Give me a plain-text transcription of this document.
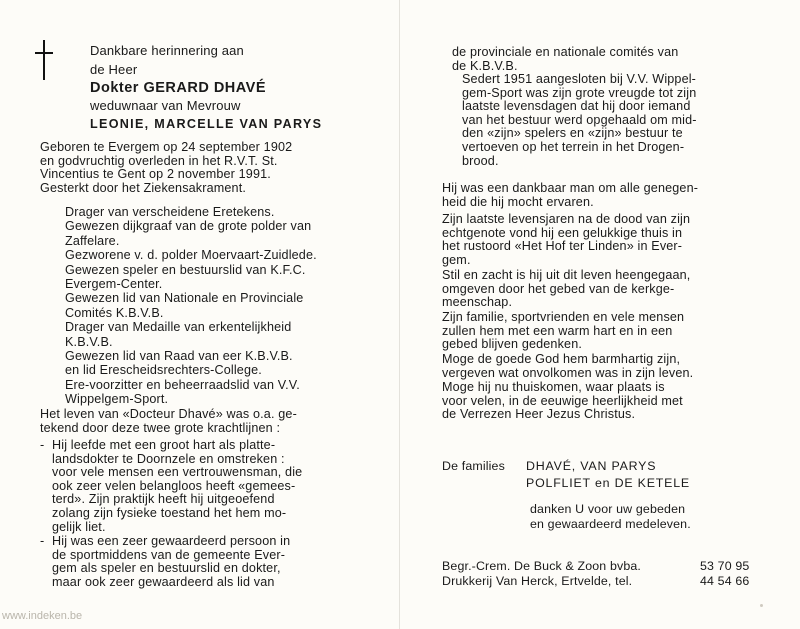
Dankbare herinnering aan
de Heer
Dokter GERARD DHAVÉ
weduwnaar van Mevrouw
LEONIE, MARCELLE VAN PARYS

Geboren te Evergem op 24 september 1902

en godvruchtig overleden in het R.V.T. St.

Vincentius te Gent op 2 november 1991.

Gesterkt door het Ziekensakrament.

Drager van verscheidene Eretekens.

Gewezen dijkgraaf van de grote polder van

Zaffelare.

Gezworene v. d. polder Moervaart-Zuidlede.

Gewezen speler en bestuurslid van K.F.C.

Evergem-Center.

Gewezen lid van Nationale en Provinciale

Comités K.B.V.B.

Drager van Medaille van erkentelijkheid

K.B.V.B.

Gewezen lid van Raad van eer K.B.V.B.

en lid Erescheidsrechters-College.

Ere-voorzitter en beheerraadslid van V.V.

Wippelgem-Sport.

Het leven van «Docteur Dhavé» was o.a. ge-

tekend door deze twee grote krachtlijnen :

- Hij leefde met een groot hart als platte-

landsdokter te Doornzele en omstreken :

voor vele mensen een vertrouwensman, die

ook zeer velen belangloos heeft «gemees-

terd». Zijn praktijk heeft hij uitgeoefend

zolang zijn fysieke toestand het hem mo-

gelijk liet.

- Hij was een zeer gewaardeerd persoon in

de sportmiddens van de gemeente Ever-

gem als speler en bestuurslid en dokter,

maar ook zeer gewaardeerd als lid van

www.indeken.be

de provinciale en nationale comités van

de K.B.V.B.

Sedert 1951 aangesloten bij V.V. Wippel-

gem-Sport was zijn grote vreugde tot zijn

laatste levensdagen dat hij door iemand

van het bestuur werd opgehaald om mid-

den «zijn» spelers en «zijn» bestuur te

vertoeven op het terrein in het Drogen-

brood.

Hij was een dankbaar man om alle genegen-

heid die hij mocht ervaren.

Zijn laatste levensjaren na de dood van zijn

echtgenote vond hij een gelukkige thuis in

het rustoord «Het Hof ter Linden» in Ever-

gem.

Stil en zacht is hij uit dit leven heengegaan,

omgeven door het gebed van de kerkge-

meenschap.

Zijn familie, sportvrienden en vele mensen

zullen hem met een warm hart en in een

gebed blijven gedenken.

Moge de goede God hem barmhartig zijn,

vergeven wat onvolkomen was in zijn leven.

Moge hij nu thuiskomen, waar plaats is

voor velen, in de eeuwige heerlijkheid met

de Verrezen Heer Jezus Christus.

De families DHAVÉ, VAN PARYS
POLFLIET en DE KETELE
danken U voor uw gebeden
en gewaardeerd medeleven.
Begr.-Crem. De Buck & Zoon bvba.	53 70 95
Drukkerij Van Herck, Ertvelde, tel.	44 54 66
